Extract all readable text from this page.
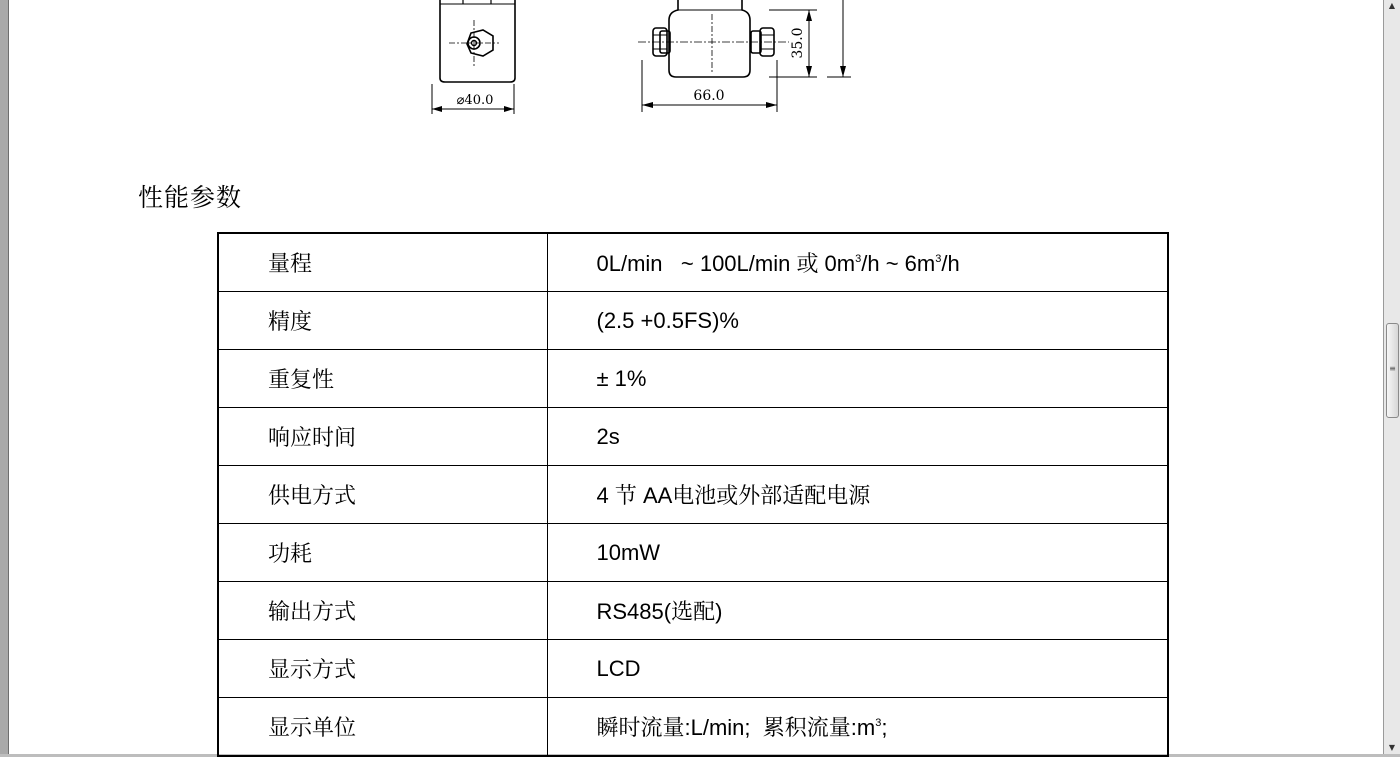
⌀40.0	66.0
35.0
性能参数
量程	0L/min   ~ 100L/min 或 $0m^3/h$ ~ $6m^3/h$
精度	(2.5 +0.5FS)%
重复性	± 1%
响应时间	2s
供电方式	4 节 AA电池或外部适配电源
功耗	10mW
输出方式	RS485(选配)
显示方式	LCD
显示单位	瞬时流量:L/min;  累积流量$:m^3$;
▲
≡
▼
